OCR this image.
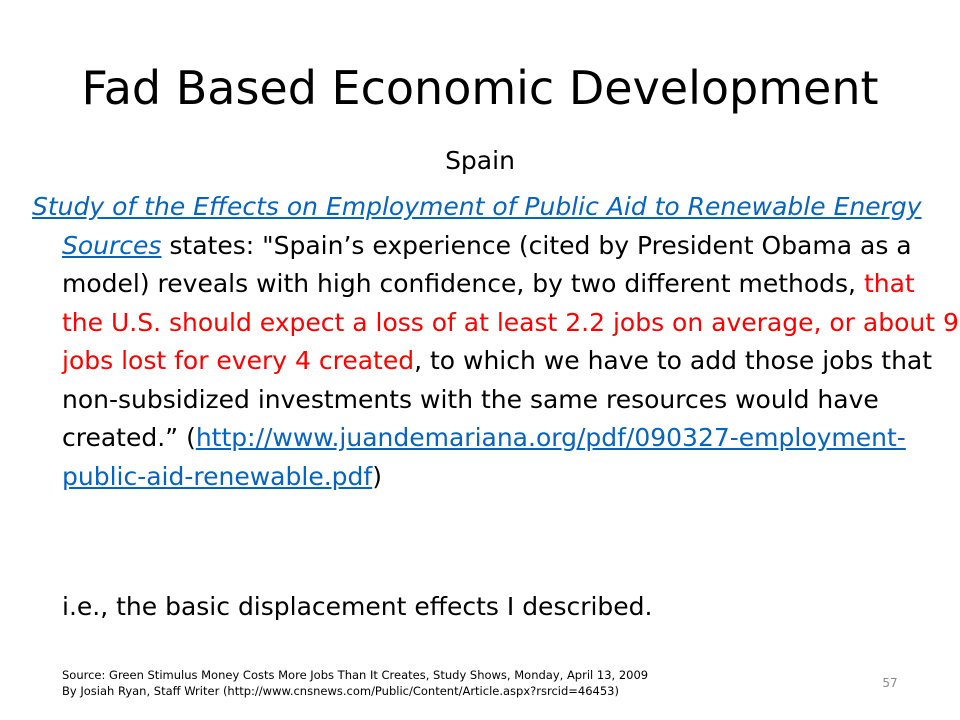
Fad Based Economic Development
Spain
Study of the Effects on Employment of Public Aid to Renewable Energy Sources states: "Spain’s experience (cited by President Obama as a model) reveals with high confidence, by two different methods, that the U.S. should expect a loss of at least 2.2 jobs on average, or about 9 jobs lost for every 4 created, to which we have to add those jobs that non-subsidized investments with the same resources would have created.” (http://www.juandemariana.org/pdf/090327-employment-public-aid-renewable.pdf)
i.e., the basic displacement effects I described.
Source: Green Stimulus Money Costs More Jobs Than It Creates, Study Shows, Monday, April 13, 2009
By Josiah Ryan, Staff Writer (http://www.cnsnews.com/Public/Content/Article.aspx?rsrcid=46453)
57
